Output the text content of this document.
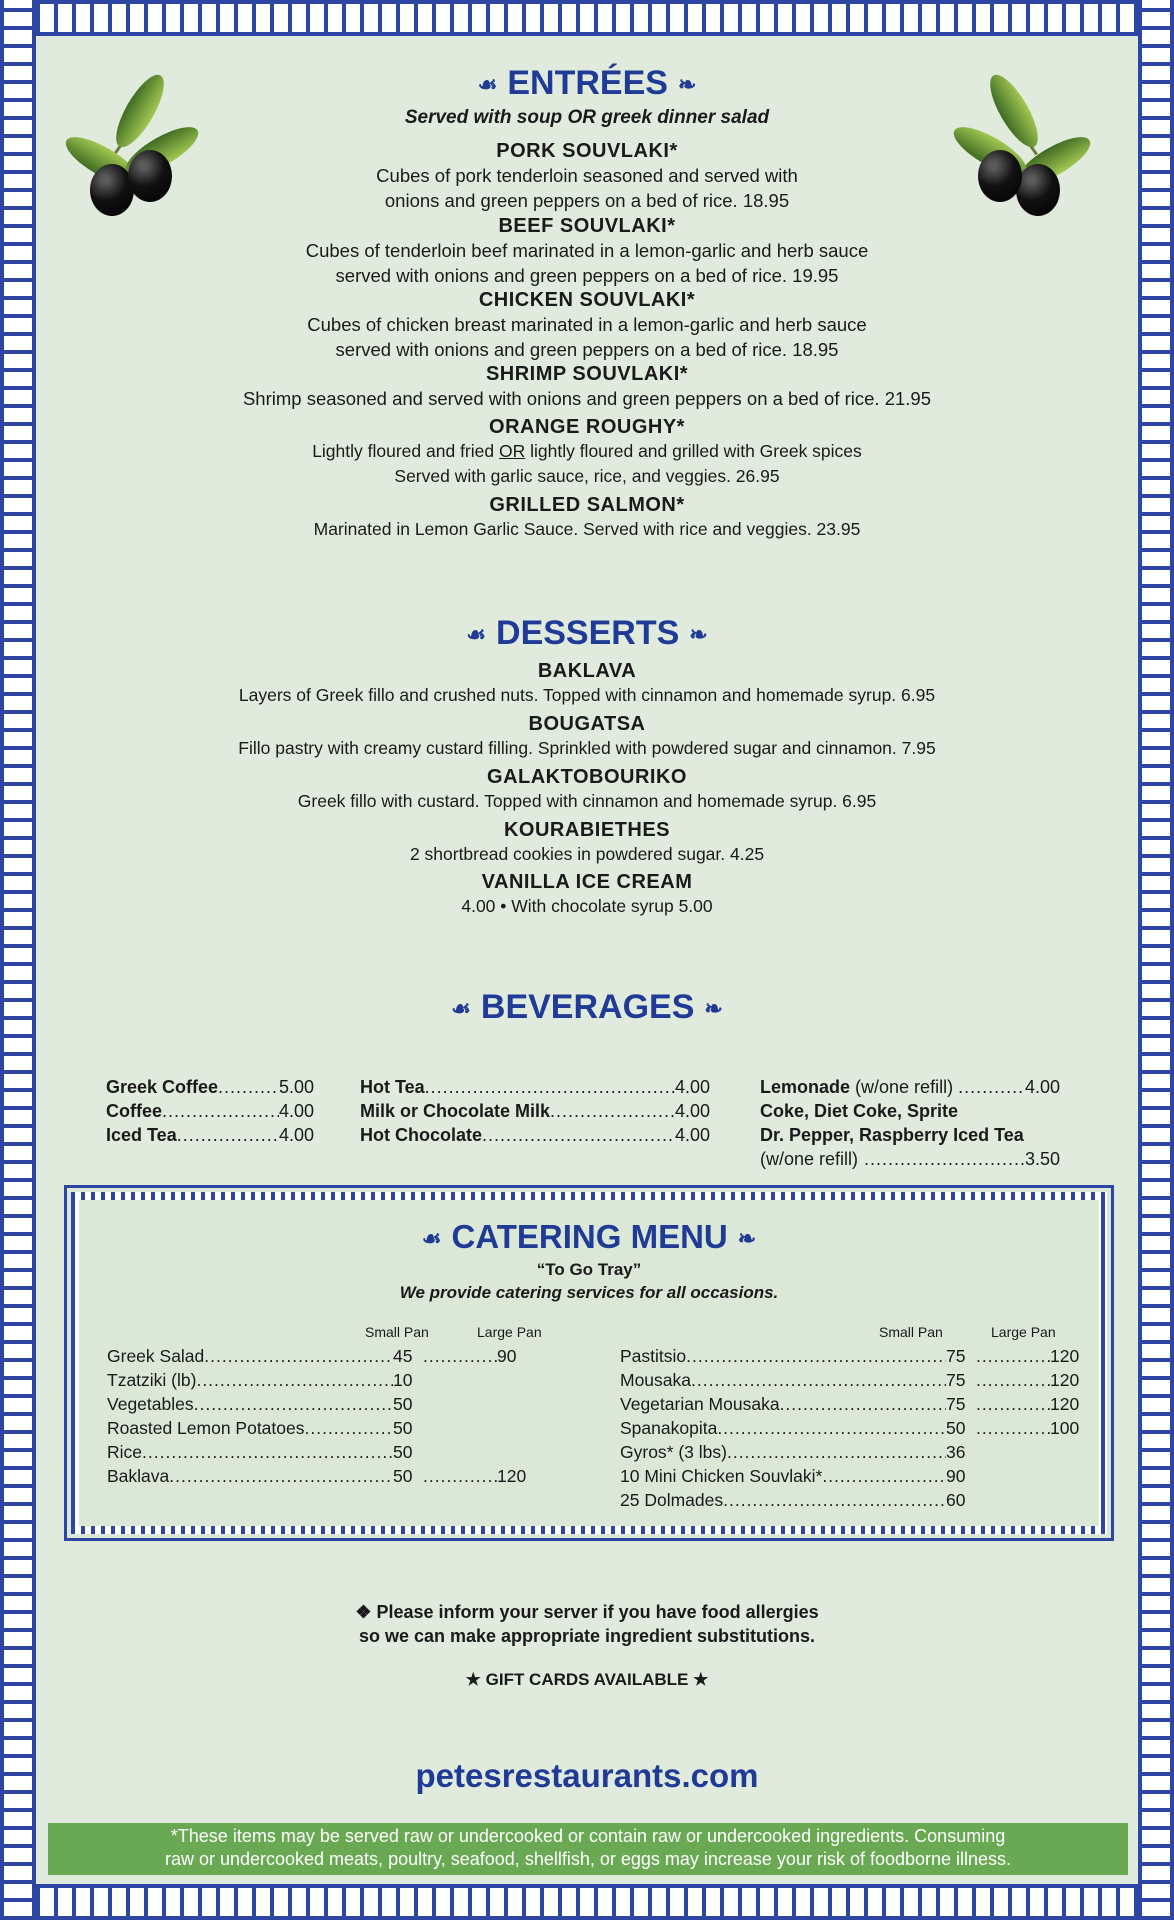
☙ ENTRÉES ❧
Served with soup OR greek dinner salad
PORK SOUVLAKI*
Cubes of pork tenderloin seasoned and served with
onions and green peppers on a bed of rice. 18.95
BEEF SOUVLAKI*
Cubes of tenderloin beef marinated in a lemon-garlic and herb sauce
served with onions and green peppers on a bed of rice. 19.95
CHICKEN SOUVLAKI*
Cubes of chicken breast marinated in a lemon-garlic and herb sauce
served with onions and green peppers on a bed of rice. 18.95
SHRIMP SOUVLAKI*
Shrimp seasoned and served with onions and green peppers on a bed of rice. 21.95
ORANGE ROUGHY*
Lightly floured and fried OR lightly floured and grilled with Greek spices
Served with garlic sauce, rice, and veggies. 26.95
GRILLED SALMON*
Marinated in Lemon Garlic Sauce. Served with rice and veggies. 23.95
☙ DESSERTS ❧
BAKLAVA
Layers of Greek fillo and crushed nuts. Topped with cinnamon and homemade syrup. 6.95
BOUGATSA
Fillo pastry with creamy custard filling. Sprinkled with powdered sugar and cinnamon. 7.95
GALAKTOBOURIKO
Greek fillo with custard. Topped with cinnamon and homemade syrup. 6.95
KOURABIETHES
2 shortbread cookies in powdered sugar. 4.25
VANILLA ICE CREAM
4.00 • With chocolate syrup 5.00
☙ BEVERAGES ❧
Greek Coffee .....	5.00
Coffee .....	4.00
Iced Tea .....	4.00
Hot Tea .....	4.00
Milk or Chocolate Milk .....	4.00
Hot Chocolate .....	4.00
Lemonade (w/one refill) .....	4.00
Coke, Diet Coke, Sprite
Dr. Pepper, Raspberry Iced Tea
(w/one refill) .....	3.50
☙ CATERING MENU ❧
“To Go Tray”
We provide catering services for all occasions.
Small Pan	Large Pan	Small Pan	Large Pan
Greek Salad .....	45 .....	90
Tzatziki (lb) .....	10
Vegetables .....	50
Roasted Lemon Potatoes .....	50
Rice .....	50
Baklava .....	50 .....	120
Pastitsio .....	75 .....	120
Mousaka .....	75 .....	120
Vegetarian Mousaka .....	75 .....	120
Spanakopita .....	50 .....	100
Gyros* (3 lbs) .....	36
10 Mini Chicken Souvlaki* .....	90
25 Dolmades .....	60
❖ Please inform your server if you have food allergies
so we can make appropriate ingredient substitutions.
★ GIFT CARDS AVAILABLE ★
petesrestaurants.com
*These items may be served raw or undercooked or contain raw or undercooked ingredients. Consuming
raw or undercooked meats, poultry, seafood, shellfish, or eggs may increase your risk of foodborne illness.
